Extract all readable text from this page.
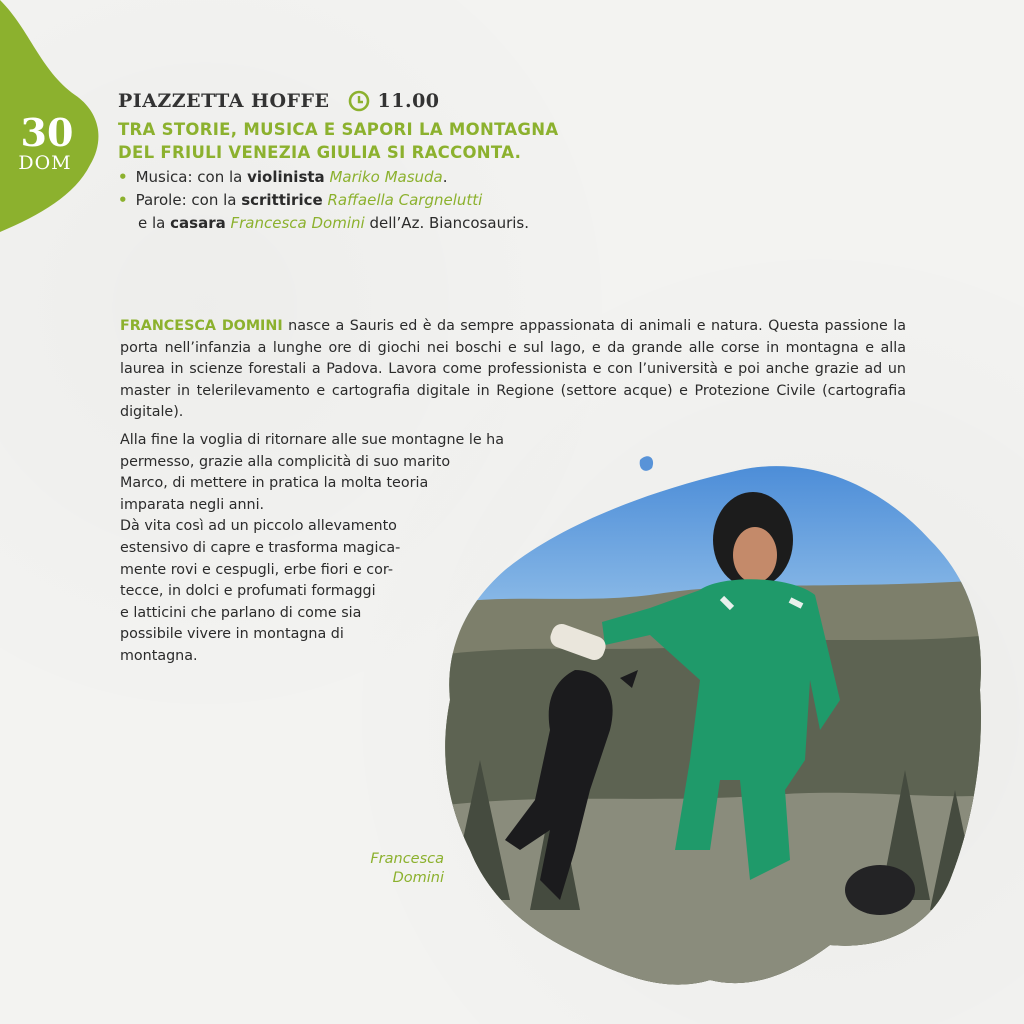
30
DOM
PIAZZETTA HOFFE	11.00
TRA STORIE, MUSICA E SAPORI LA MONTAGNA
DEL FRIULI VENEZIA GIULIA SI RACCONTA.
• Musica: con la violinista Mariko Masuda.
• Parole: con la scrittirice Raffaella Cargnelutti
e la casara Francesca Domini dell’Az. Biancosauris.
FRANCESCA DOMINI nasce a Sauris ed è da sempre appassionata di animali e natura. Questa passione la porta nell’infanzia a lunghe ore di giochi nei boschi e sul lago, e da grande alle corse in montagna e alla laurea in scienze forestali a Padova. Lavora come professionista e con l’università e poi anche grazie ad un master in telerilevamento e cartografia digitale in Regione (settore acque) e Protezione Civile (cartografia digitale).
Alla fine la voglia di ritornare alle sue montagne le ha
permesso, grazie alla complicità di suo marito
Marco, di mettere in pratica la molta teoria
imparata negli anni.
Dà vita così ad un piccolo allevamento
estensivo di capre e trasforma magica-
mente rovi e cespugli, erbe fiori e cor-
tecce, in dolci e profumati formaggi
e latticini che parlano di come sia
possibile vivere in montagna di
montagna.
Francesca
Domini
